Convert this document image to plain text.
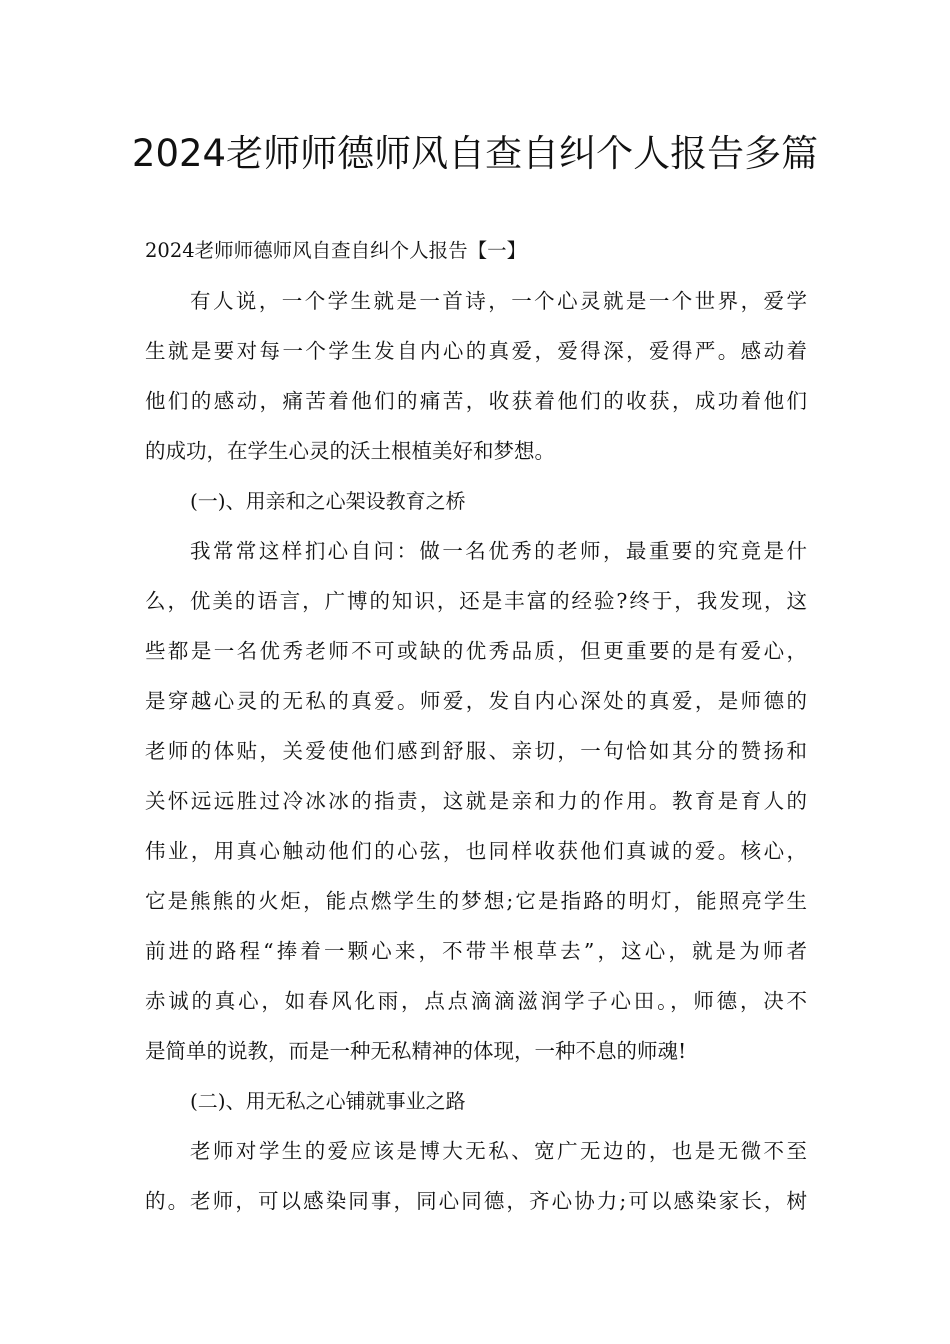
2024老师师德师风自查自纠个人报告多篇

2024老师师德师风自查自纠个人报告【一】

有人说，一个学生就是一首诗，一个心灵就是一个世界，爱学

生就是要对每一个学生发自内心的真爱，爱得深，爱得严。感动着

他们的感动，痛苦着他们的痛苦，收获着他们的收获，成功着他们

的成功，在学生心灵的沃土根植美好和梦想。

(一)、用亲和之心架设教育之桥

我常常这样扪心自问：做一名优秀的老师，最重要的究竟是什

么，优美的语言，广博的知识，还是丰富的经验?终于，我发现，这

些都是一名优秀老师不可或缺的优秀品质，但更重要的是有爱心，

是穿越心灵的无私的真爱。师爱，发自内心深处的真爱，是师德的

老师的体贴，关爱使他们感到舒服、亲切，一句恰如其分的赞扬和

关怀远远胜过冷冰冰的指责，这就是亲和力的作用。教育是育人的

伟业，用真心触动他们的心弦，也同样收获他们真诚的爱。核心，

它是熊熊的火炬，能点燃学生的梦想;它是指路的明灯，能照亮学生

前进的路程“捧着一颗心来，不带半根草去”，这心，就是为师者

赤诚的真心，如春风化雨，点点滴滴滋润学子心田。，师德，决不

是简单的说教，而是一种无私精神的体现，一种不息的师魂!

(二)、用无私之心铺就事业之路

老师对学生的爱应该是博大无私、宽广无边的，也是无微不至

的。老师，可以感染同事，同心同德，齐心协力;可以感染家长，树
